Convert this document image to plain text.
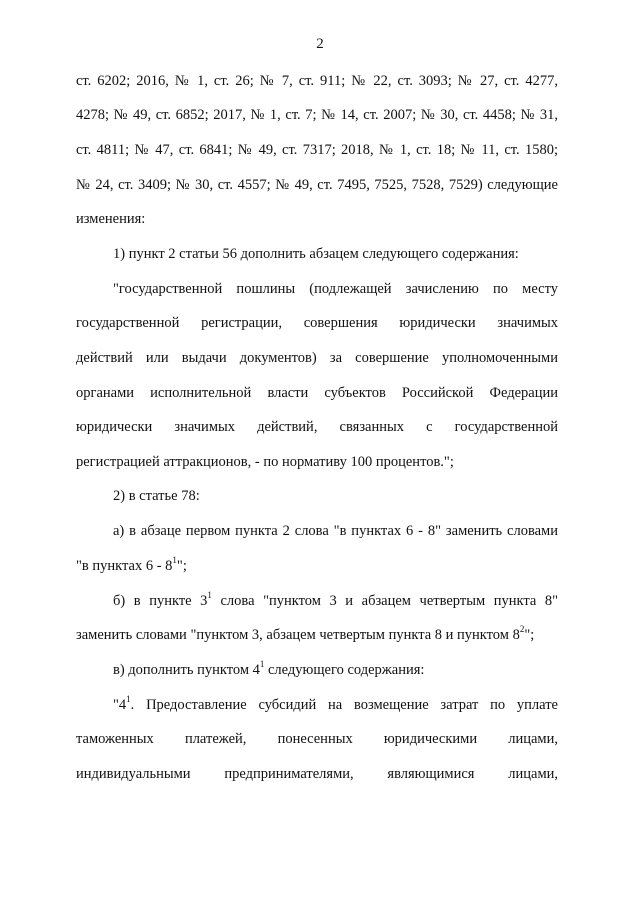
2
ст. 6202; 2016, № 1, ст. 26; № 7, ст. 911; № 22, ст. 3093; № 27, ст. 4277,
4278; № 49, ст. 6852; 2017, № 1, ст. 7; № 14, ст. 2007; № 30, ст. 4458; № 31,
ст. 4811; № 47, ст. 6841; № 49, ст. 7317; 2018, № 1, ст. 18; № 11, ст. 1580;
№ 24, ст. 3409; № 30, ст. 4557; № 49, ст. 7495, 7525, 7528, 7529) следующие
изменения:
1) пункт 2 статьи 56 дополнить абзацем следующего содержания:
"государственной пошлины (подлежащей зачислению по месту
государственной регистрации, совершения юридически значимых
действий или выдачи документов) за совершение уполномоченными
органами исполнительной власти субъектов Российской Федерации
юридически значимых действий, связанных с государственной
регистрацией аттракционов, - по нормативу 100 процентов.";
2) в статье 78:
а) в абзаце первом пункта 2 слова "в пунктах 6 - 8" заменить словами
"в пунктах $6 - 8^1$";
б) в пункте $3^1$ слова "пунктом 3 и абзацем четвертым пункта 8"
заменить словами "пунктом 3, абзацем четвертым пункта 8 и пунктом $8^2$";
в) дополнить пунктом $4^1$ следующего содержания:
"$4^1$. Предоставление субсидий на возмещение затрат по уплате
таможенных платежей, понесенных юридическими лицами,
индивидуальными предпринимателями, являющимися лицами,
